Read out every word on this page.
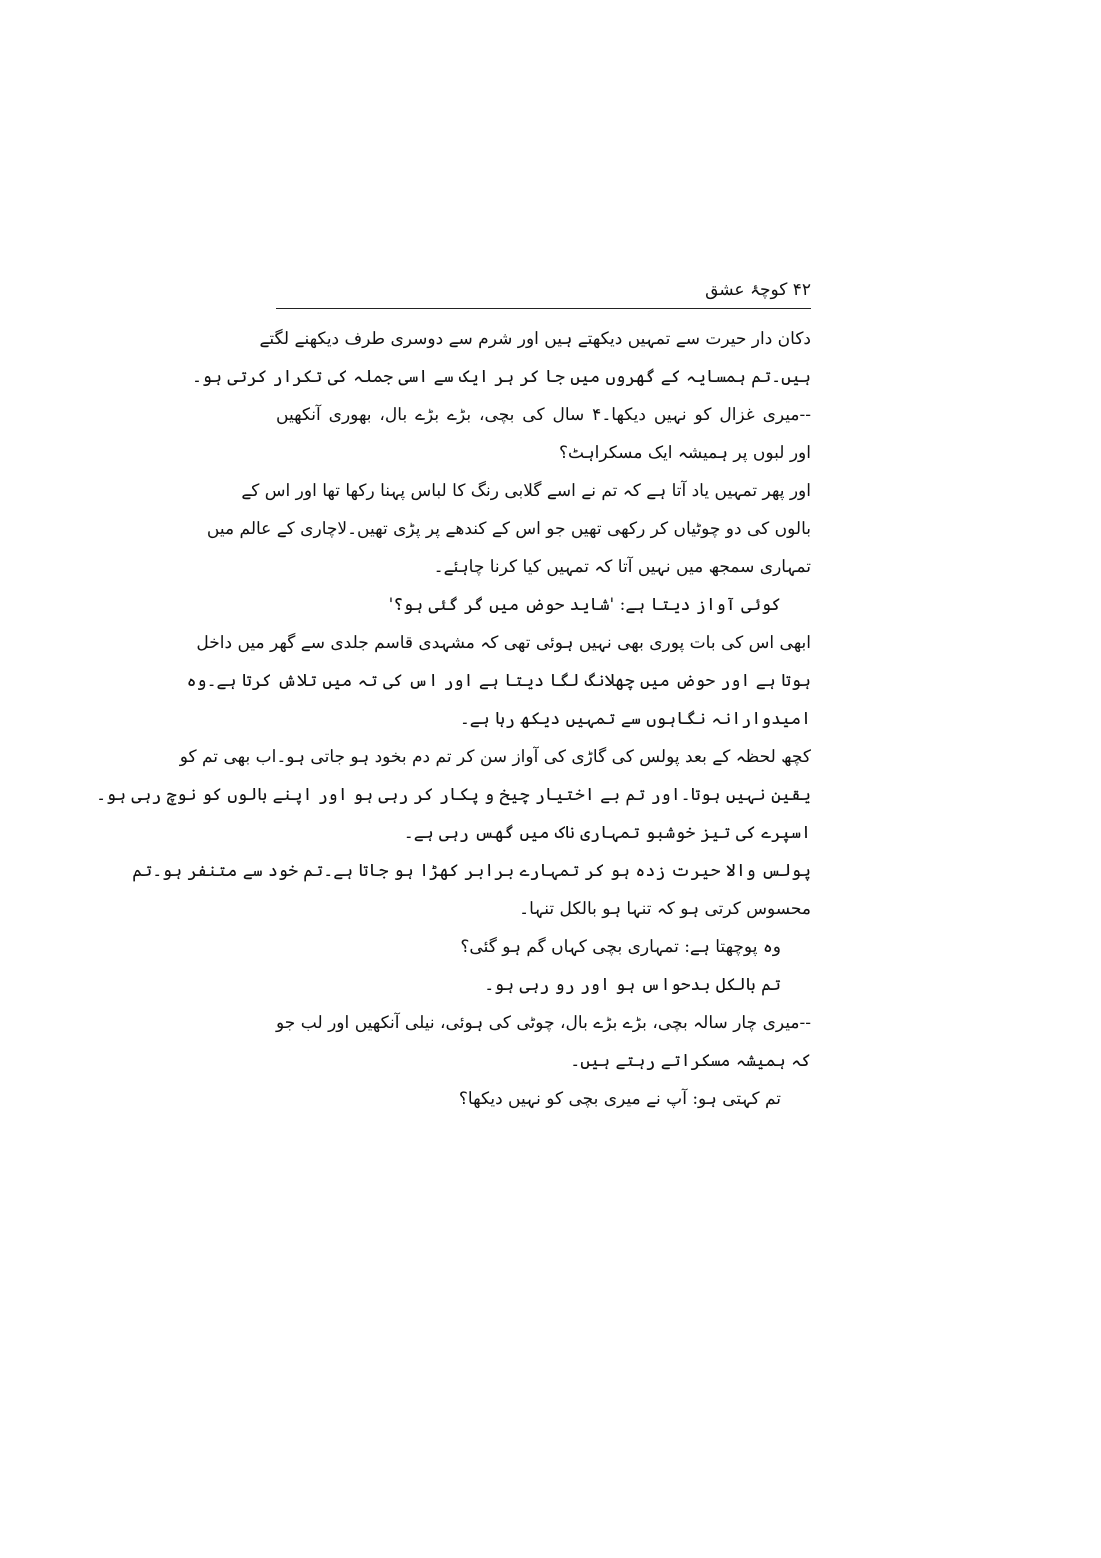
۴۲ کوچۂ عشق
دکان دار حیرت سے تمہیں دیکھتے ہیں اور شرم سے دوسری طرف دیکھنے لگتے
ہیں۔تم ہمسایہ کے گھروں میں جا کر ہر ایک سے اسی جملہ کی تکرار کرتی ہو۔
--میری غزال کو نہیں دیکھا۔۴ سال کی بچی، بڑے بڑے بال، بھوری آنکھیں
اور لبوں پر ہمیشہ ایک مسکراہٹ؟
اور پھر تمہیں یاد آتا ہے کہ تم نے اسے گلابی رنگ کا لباس پہنا رکھا تھا اور اس کے
بالوں کی دو چوٹیاں کر رکھی تھیں جو اس کے کندھے پر پڑی تھیں۔لاچاری کے عالم میں
تمہاری سمجھ میں نہیں آتا کہ تمہیں کیا کرنا چاہئے۔
کوئی آواز دیتا ہے: 'شاید حوض میں گر گئی ہو؟'
ابھی اس کی بات پوری بھی نہیں ہوئی تھی کہ مشہدی قاسم جلدی سے گھر میں داخل
ہوتا ہے اور حوض میں چھلانگ لگا دیتا ہے اور اس کی تہ میں تلاش کرتا ہے۔وہ
امیدوارانہ نگاہوں سے تمہیں دیکھ رہا ہے۔
کچھ لحظہ کے بعد پولس کی گاڑی کی آواز سن کر تم دم بخود ہو جاتی ہو۔اب بھی تم کو
یقین نہیں ہوتا۔اور تم بے اختیار چیخ و پکار کر رہی ہو اور اپنے بالوں کو نوچ رہی ہو۔
اسپرے کی تیز خوشبو تمہاری ناک میں گھس رہی ہے۔
پولس والا حیرت زدہ ہو کر تمہارے برابر کھڑا ہو جاتا ہے۔تم خود سے متنفر ہو۔تم
محسوس کرتی ہو کہ تنہا ہو بالکل تنہا۔
وہ پوچھتا ہے: تمہاری بچی کہاں گم ہو گئی؟
تم بالکل بدحواس ہو اور رو رہی ہو۔
--میری چار سالہ بچی، بڑے بڑے بال، چوٹی کی ہوئی، نیلی آنکھیں اور لب جو
کہ ہمیشہ مسکراتے رہتے ہیں۔
تم کہتی ہو: آپ نے میری بچی کو نہیں دیکھا؟
